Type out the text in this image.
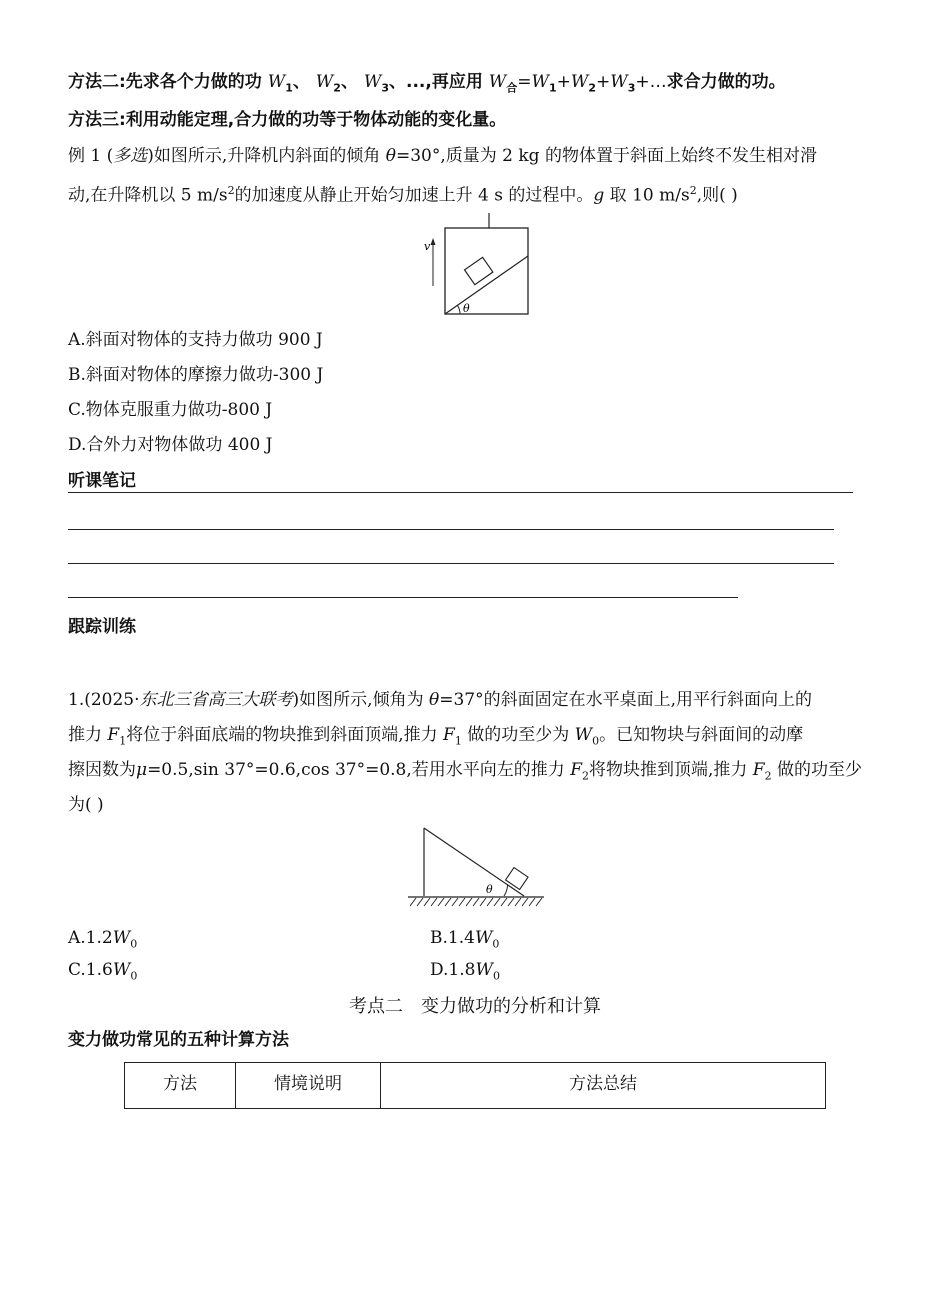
方法二:先求各个力做的功 $W_1$、 $W_2$、 $W_3$、...,再应用 $W_合=W_1+W_2+W_3+\dots$求合力做的功。
方法三:利用动能定理,合力做的功等于物体动能的变化量。
例 1 (多选)如图所示,升降机内斜面的倾角 θ=30°,质量为 2 kg 的物体置于斜面上始终不发生相对滑
动,在升降机以 5 $m/s^2$的加速度从静止开始匀加速上升 4 s 的过程中。g 取 10 $m/s^2$,则( )
v
θ
A.斜面对物体的支持力做功 900 J
B.斜面对物体的摩擦力做功-300 J
C.物体克服重力做功-800 J
D.合外力对物体做功 400 J
听课笔记
跟踪训练
1.(2025·东北三省高三大联考)如图所示,倾角为 θ=37°的斜面固定在水平桌面上,用平行斜面向上的
推力 $F_1$将位于斜面底端的物块推到斜面顶端,推力 $F_1$ 做的功至少为 $W_0$。已知物块与斜面间的动摩
擦因数为μ=0.5,sin 37°=0.6,cos 37°=0.8,若用水平向左的推力 $F_2$将物块推到顶端,推力 $F_2$ 做的功至少
为( )
θ
$A.1.2W_0$	$B.1.4W_0$
$C.1.6W_0$	$D.1.8W_0$
考点二　变力做功的分析和计算
变力做功常见的五种计算方法
方法	情境说明	方法总结
